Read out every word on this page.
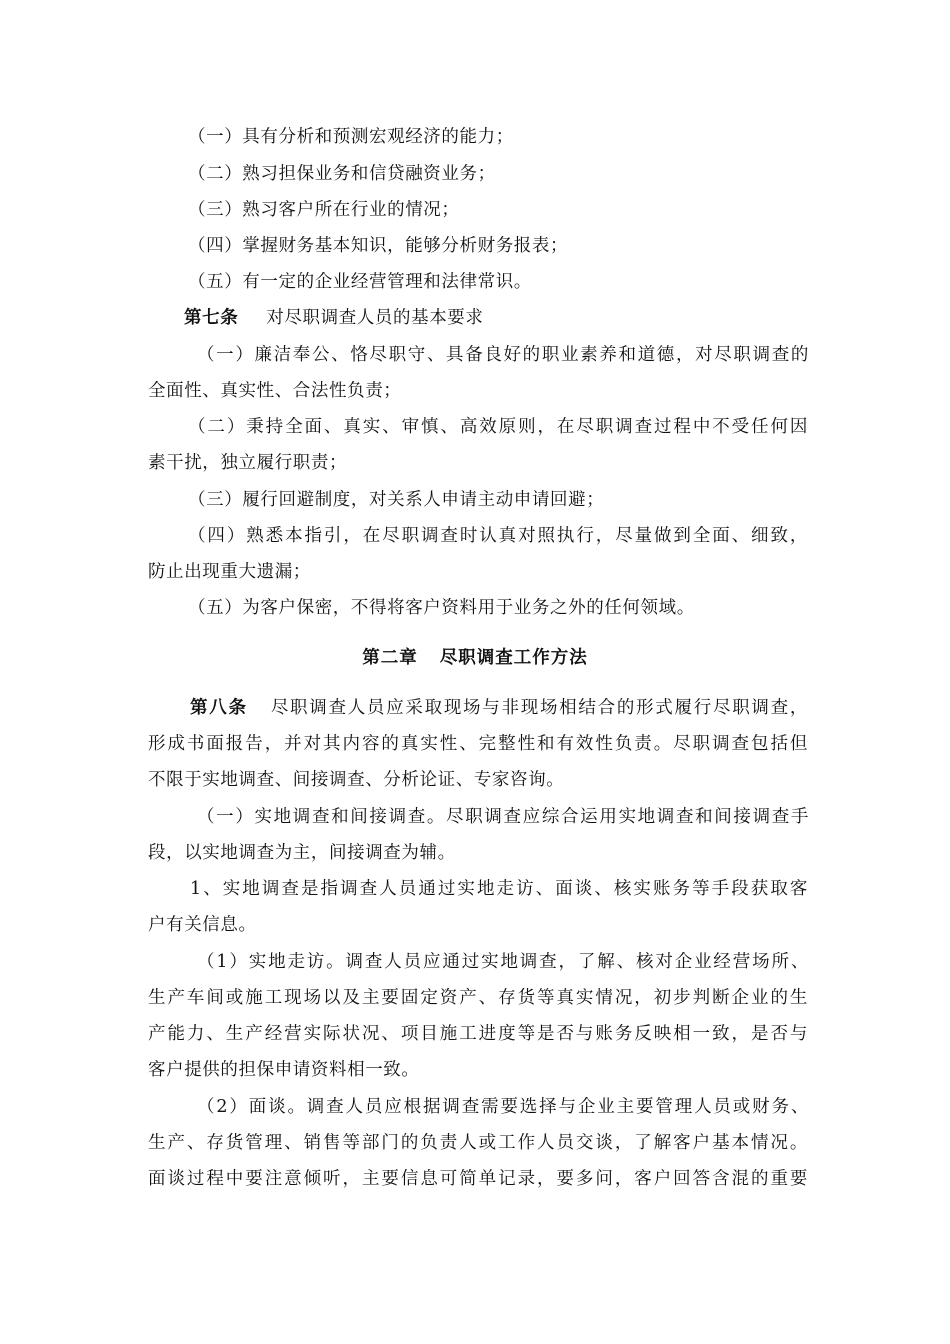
（一）具有分析和预测宏观经济的能力；
（二）熟习担保业务和信贷融资业务；
（三）熟习客户所在行业的情况；
（四）掌握财务基本知识，能够分析财务报表；
（五）有一定的企业经营管理和法律常识。
第七条 对尽职调查人员的基本要求
（一）廉洁奉公、恪尽职守、具备良好的职业素养和道德，对尽职调查的
全面性、真实性、合法性负责；
（二）秉持全面、真实、审慎、高效原则，在尽职调查过程中不受任何因
素干扰，独立履行职责；
（三）履行回避制度，对关系人申请主动申请回避；
（四）熟悉本指引，在尽职调查时认真对照执行，尽量做到全面、细致，
防止出现重大遗漏；
（五）为客户保密，不得将客户资料用于业务之外的任何领域。
第二章 尽职调查工作方法
第八条 尽职调查人员应采取现场与非现场相结合的形式履行尽职调查，
形成书面报告，并对其内容的真实性、完整性和有效性负责。尽职调查包括但
不限于实地调查、间接调查、分析论证、专家咨询。
（一）实地调查和间接调查。尽职调查应综合运用实地调查和间接调查手
段，以实地调查为主，间接调查为辅。
1、实地调查是指调查人员通过实地走访、面谈、核实账务等手段获取客
户有关信息。
（1）实地走访。调查人员应通过实地调查，了解、核对企业经营场所、
生产车间或施工现场以及主要固定资产、存货等真实情况，初步判断企业的生
产能力、生产经营实际状况、项目施工进度等是否与账务反映相一致，是否与
客户提供的担保申请资料相一致。
（2）面谈。调查人员应根据调查需要选择与企业主要管理人员或财务、
生产、存货管理、销售等部门的负责人或工作人员交谈，了解客户基本情况。
面谈过程中要注意倾听，主要信息可简单记录，要多问，客户回答含混的重要
